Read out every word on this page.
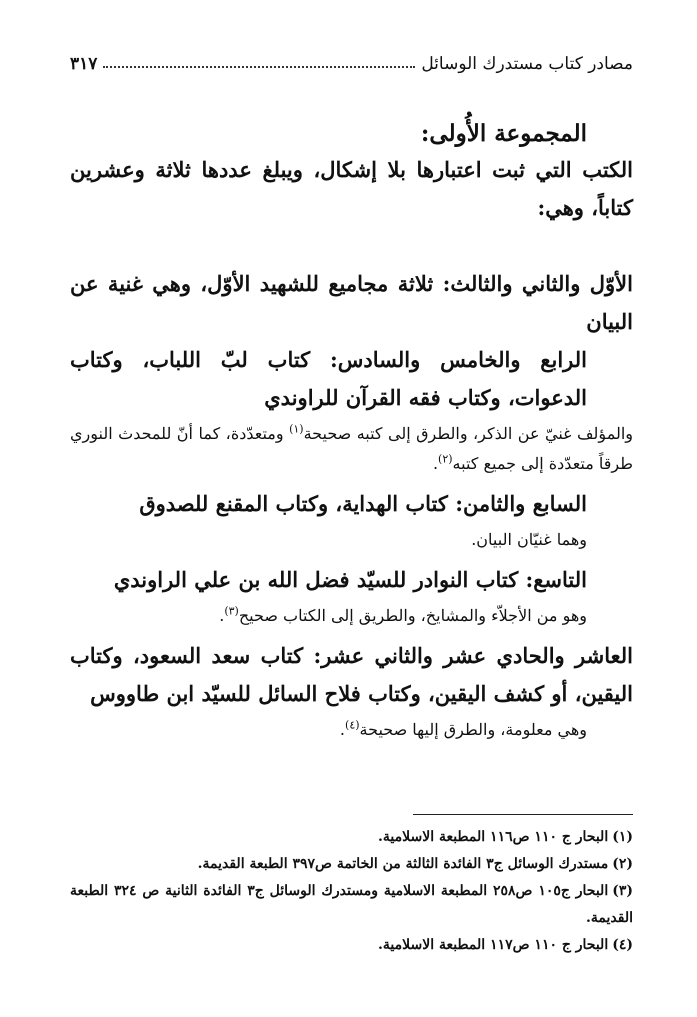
مصادر كتاب مستدرك الوسائل
٣١٧

المجموعة الأُولى:

الكتب التي ثبت اعتبارها بلا إشكال، ويبلغ عددها ثلاثة وعشرين كتاباً، وهي:

الأوّل والثاني والثالث: ثلاثة مجاميع للشهيد الأوّل، وهي غنية عن البيان

الرابع والخامس والسادس: كتاب لبّ اللباب، وكتاب الدعوات، وكتاب فقه القرآن للراوندي

والمؤلف غنيّ عن الذكر، والطرق إلى كتبه صحيحة$^{(١)}$ ومتعدّدة، كما أنّ للمحدث النوري طرقاً متعدّدة إلى جميع كتبه$^{(٢)}$.

السابع والثامن: كتاب الهداية، وكتاب المقنع للصدوق

وهما غنيّان البيان.

التاسع: كتاب النوادر للسيّد فضل الله بن علي الراوندي

وهو من الأجلاّء والمشايخ، والطريق إلى الكتاب صحيح$^{(٣)}$.

العاشر والحادي عشر والثاني عشر: كتاب سعد السعود، وكتاب اليقين، أو كشف اليقين، وكتاب فلاح السائل للسيّد ابن طاووس

وهي معلومة، والطرق إليها صحيحة$^{(٤)}$.

(١)البحار ج ١١٠ ص١١٦ المطبعة الاسلامية.

(٢)مستدرك الوسائل ج٣ الفائدة الثالثة من الخاتمة ص٣٩٧ الطبعة القديمة.

(٣)البحار ج١٠٥ ص٢٥٨ المطبعة الاسلامية ومستدرك الوسائل ج٣ الفائدة الثانية ص ٣٢٤ الطبعة القديمة.

(٤)البحار ج ١١٠ ص١١٧ المطبعة الاسلامية.
